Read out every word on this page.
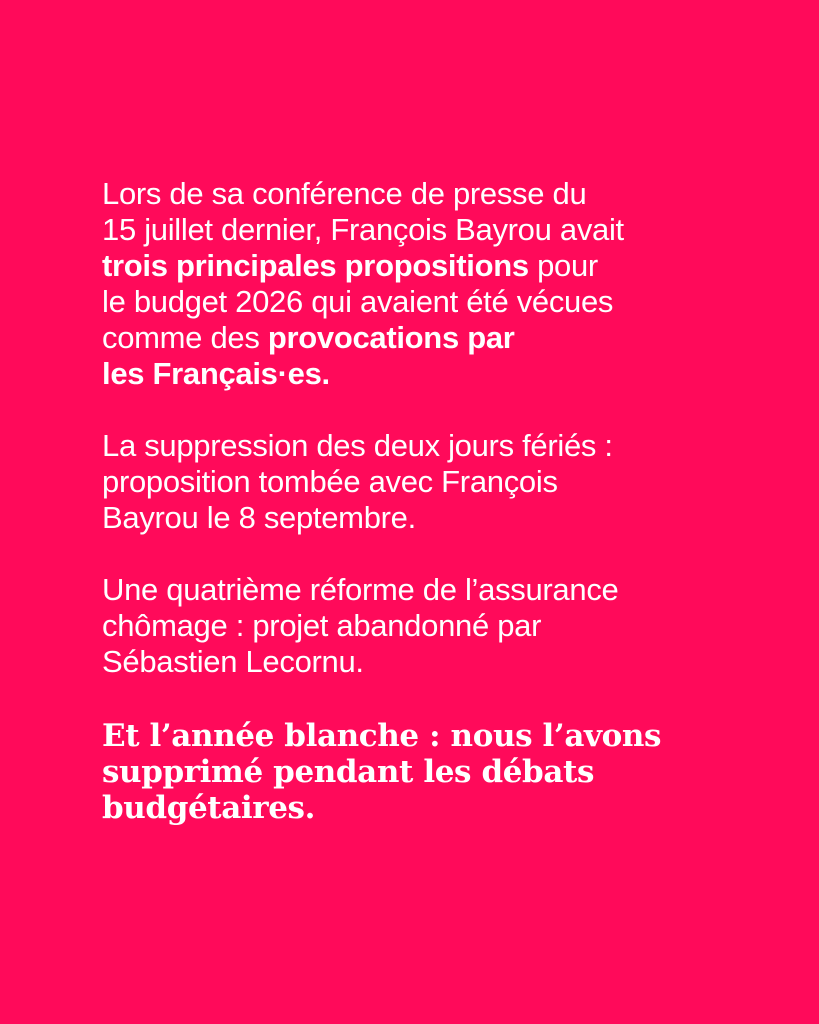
Lors de sa conférence de presse du
15 juillet dernier, François Bayrou avait
trois principales propositions pour
le budget 2026 qui avaient été vécues
comme des provocations par
les Français·es.

La suppression des deux jours fériés :
proposition tombée avec François
Bayrou le 8 septembre.

Une quatrième réforme de l’assurance
chômage : projet abandonné par
Sébastien Lecornu.

Et l’année blanche : nous l’avons
supprimé pendant les débats
budgétaires.
